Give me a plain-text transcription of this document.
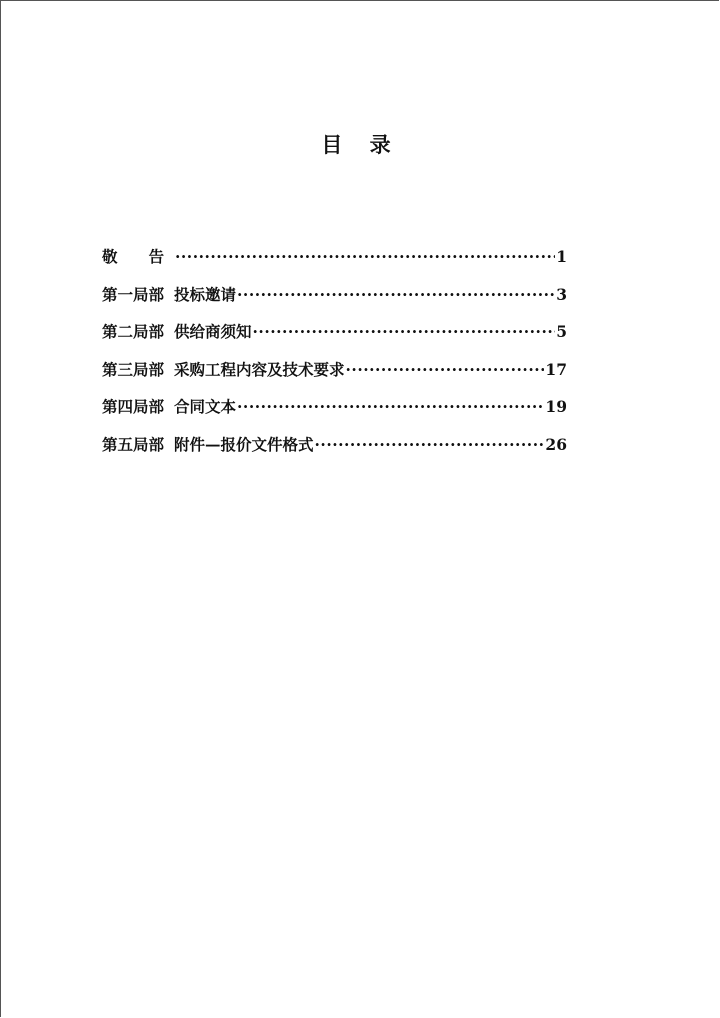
目 录
敬　　告 ·····	1
第一局部 投标邀请 ·····	3
第二局部 供给商须知 ·····	5
第三局部 采购工程内容及技术要求 ·····	17
第四局部 合同文本 ·····	19
第五局部 附件—报价文件格式 ·····	26
